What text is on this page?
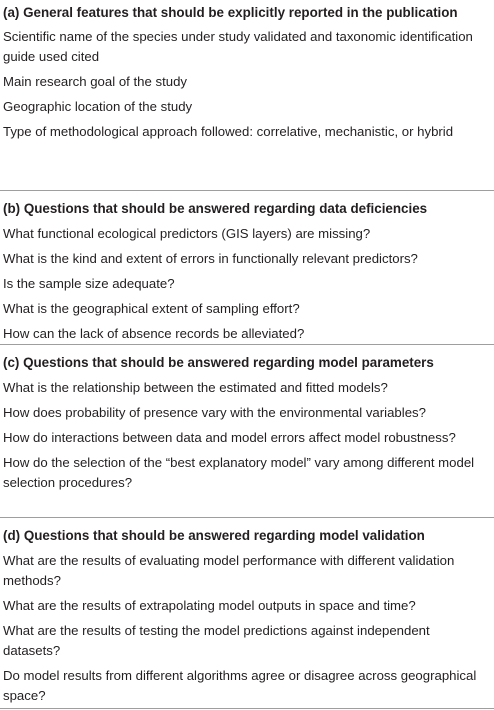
(a) General features that should be explicitly reported in the publication

Scientific name of the species under study validated and taxonomic identification guide used cited

Main research goal of the study

Geographic location of the study

Type of methodological approach followed: correlative, mechanistic, or hybrid

(b) Questions that should be answered regarding data deficiencies

What functional ecological predictors (GIS layers) are missing?

What is the kind and extent of errors in functionally relevant predictors?

Is the sample size adequate?

What is the geographical extent of sampling effort?

How can the lack of absence records be alleviated?

(c) Questions that should be answered regarding model parameters

What is the relationship between the estimated and fitted models?

How does probability of presence vary with the environmental variables?

How do interactions between data and model errors affect model robustness?

How do the selection of the “best explanatory model” vary among different model selection procedures?

(d) Questions that should be answered regarding model validation

What are the results of evaluating model performance with different validation methods?

What are the results of extrapolating model outputs in space and time?

What are the results of testing the model predictions against independent datasets?

Do model results from different algorithms agree or disagree across geographical space?
